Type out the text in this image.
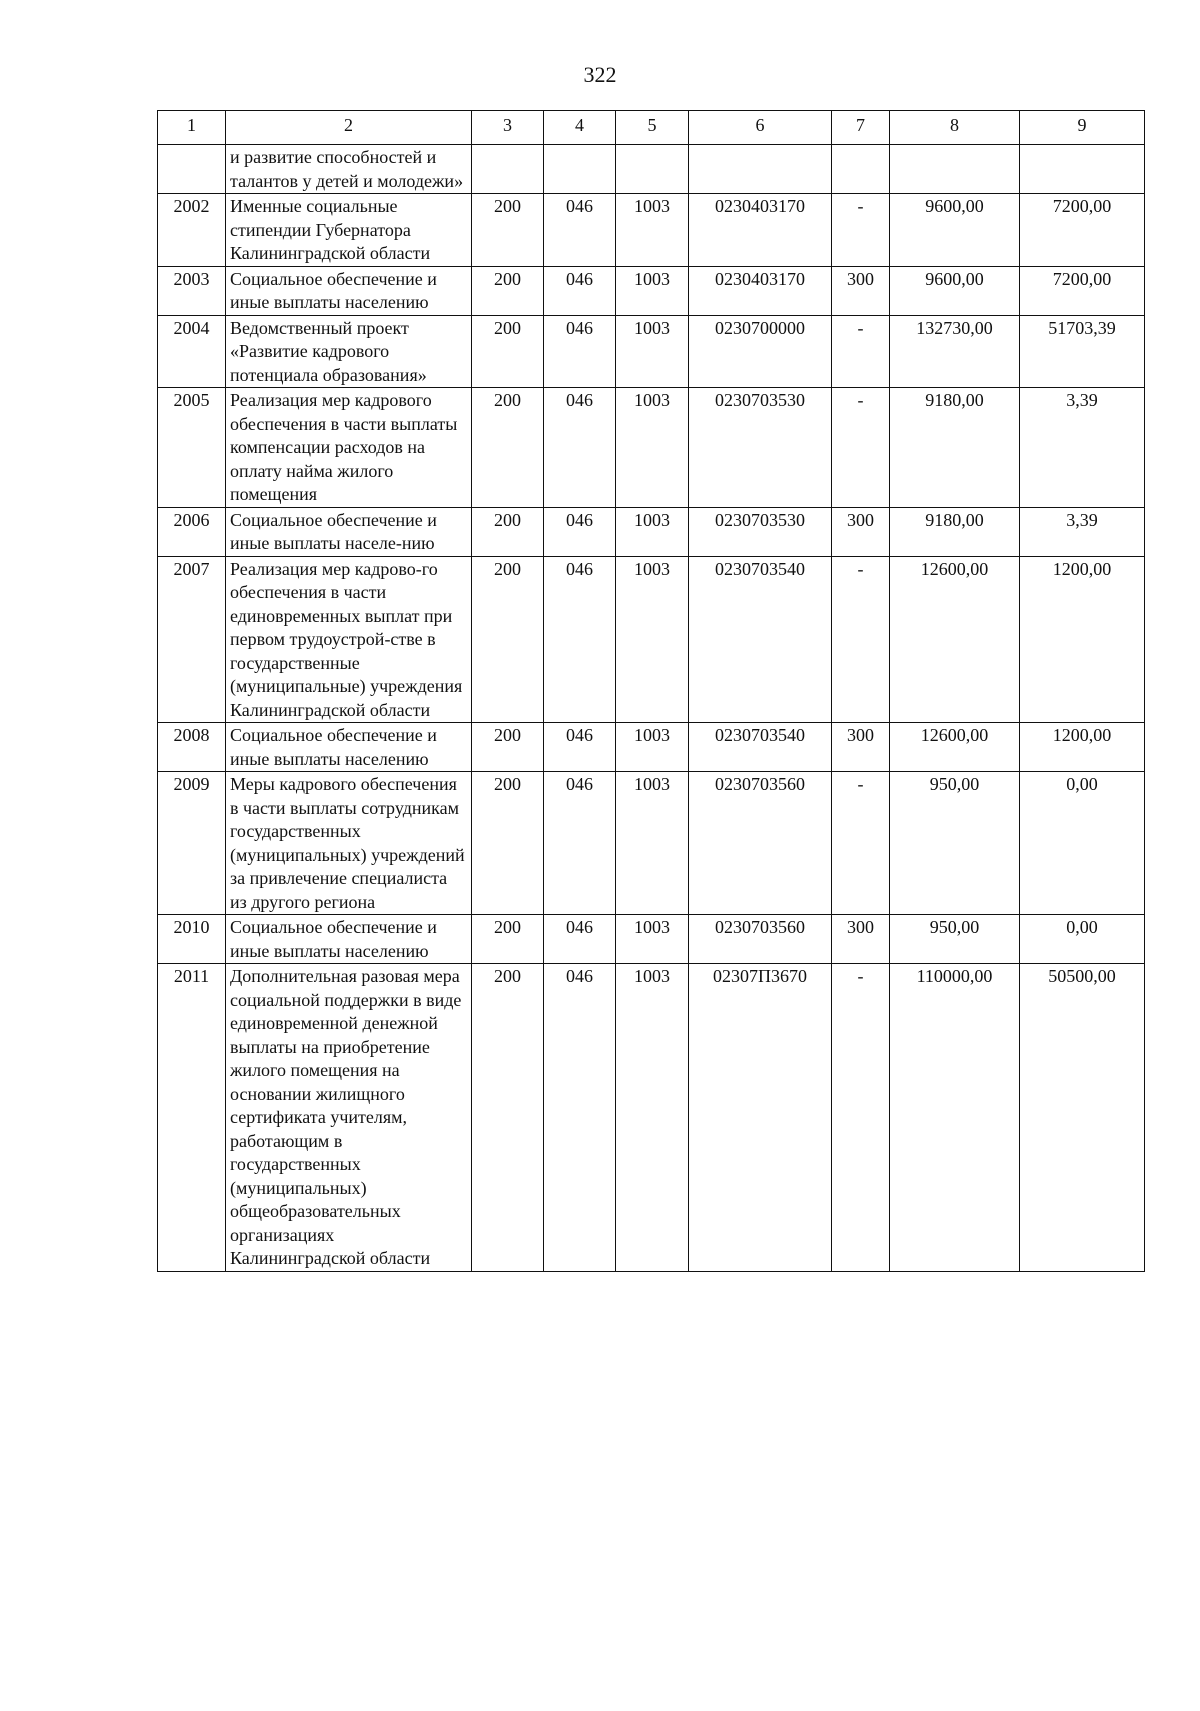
322
1	2	3	4	5	6	7	8	9
	и развитие способностей и талантов у детей и молодежи»							
2002	Именные социальные стипендии Губернатора Калининградской области	200	046	1003	0230403170	-	9600,00	7200,00
2003	Социальное обеспечение и иные выплаты населению	200	046	1003	0230403170	300	9600,00	7200,00
2004	Ведомственный проект «Развитие кадрового потенциала образования»	200	046	1003	0230700000	-	132730,00	51703,39
2005	Реализация мер кадрового обеспечения в части выплаты компенсации расходов на оплату найма жилого помещения	200	046	1003	0230703530	-	9180,00	3,39
2006	Социальное обеспечение и иные выплаты населе-нию	200	046	1003	0230703530	300	9180,00	3,39
2007	Реализация мер кадрово-го обеспечения в части единовременных выплат при первом трудоустрой-стве в государственные (муниципальные) учреждения Калининградской области	200	046	1003	0230703540	-	12600,00	1200,00
2008	Социальное обеспечение и иные выплаты населению	200	046	1003	0230703540	300	12600,00	1200,00
2009	Меры кадрового обеспечения в части выплаты сотрудникам государственных (муниципальных) учреждений за привлечение специалиста из другого региона	200	046	1003	0230703560	-	950,00	0,00
2010	Социальное обеспечение и иные выплаты населению	200	046	1003	0230703560	300	950,00	0,00
2011	Дополнительная разовая мера социальной поддержки в виде единовременной денежной выплаты на приобретение жилого помещения на основании жилищного сертификата учителям, работающим в государственных (муниципальных) общеобразовательных организациях Калининградской области	200	046	1003	02307П3670	-	110000,00	50500,00
